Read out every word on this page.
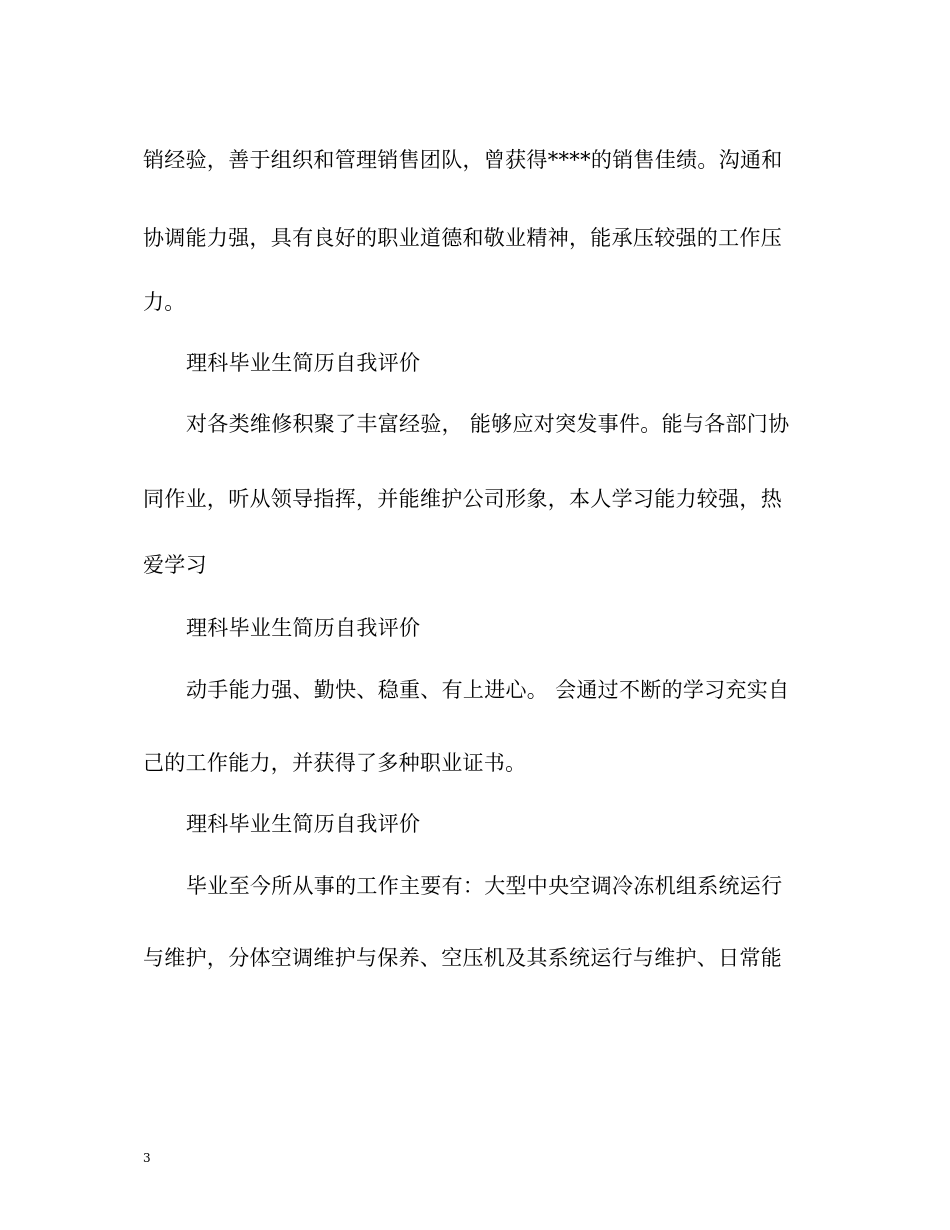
销经验，善于组织和管理销售团队，曾获得****的销售佳绩。沟通和
协调能力强，具有良好的职业道德和敬业精神，能承压较强的工作压
力。
理科毕业生简历自我评价
对各类维修积聚了丰富经验， 能够应对突发事件。能与各部门协
同作业，听从领导指挥，并能维护公司形象，本人学习能力较强，热
爱学习
理科毕业生简历自我评价
动手能力强、勤快、稳重、有上进心。 会通过不断的学习充实自
己的工作能力，并获得了多种职业证书。
理科毕业生简历自我评价
毕业至今所从事的工作主要有：大型中央空调冷冻机组系统运行
与维护，分体空调维护与保养、空压机及其系统运行与维护、日常能
3
